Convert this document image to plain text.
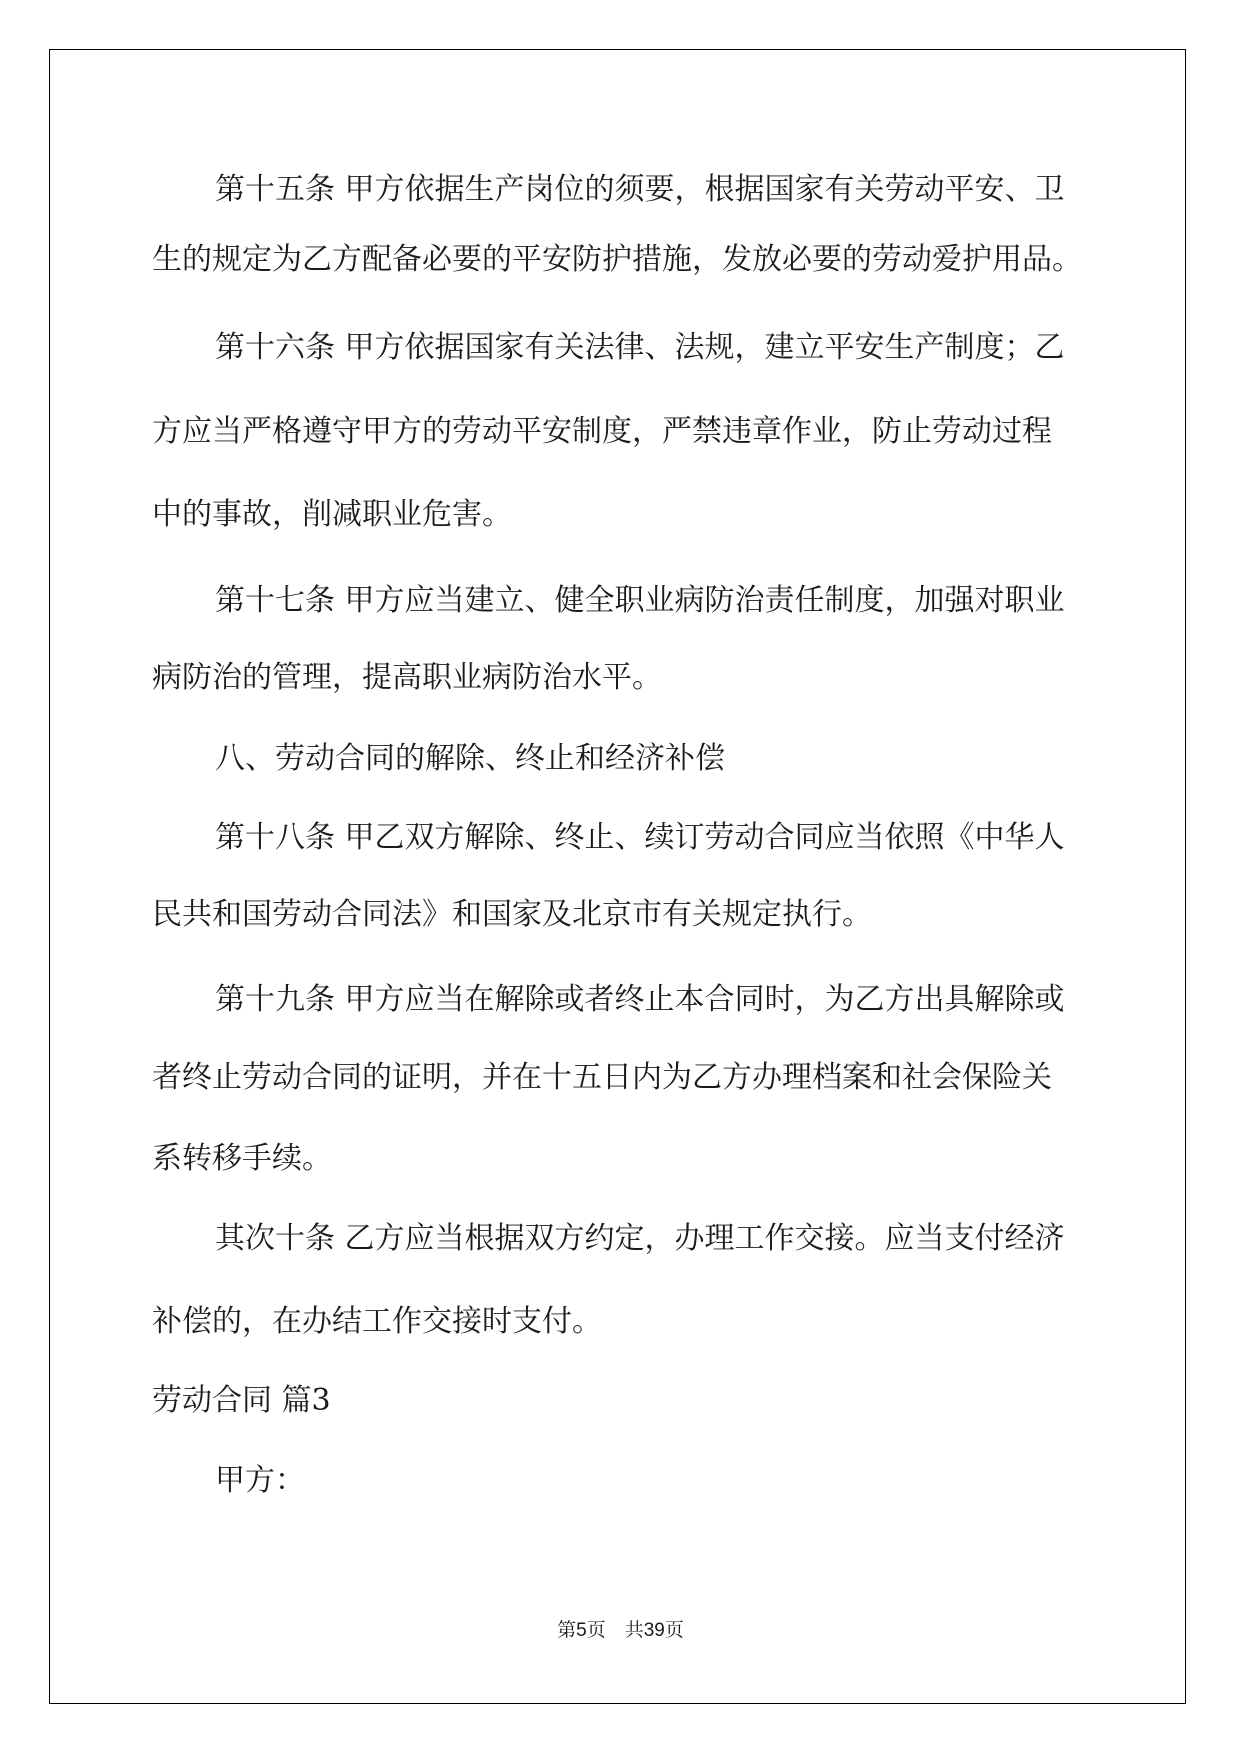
第十五条 甲方依据生产岗位的须要，根据国家有关劳动平安、卫
生的规定为乙方配备必要的平安防护措施，发放必要的劳动爱护用品。
第十六条 甲方依据国家有关法律、法规，建立平安生产制度；乙
方应当严格遵守甲方的劳动平安制度，严禁违章作业，防止劳动过程
中的事故，削减职业危害。
第十七条 甲方应当建立、健全职业病防治责任制度，加强对职业
病防治的管理，提高职业病防治水平。
八、劳动合同的解除、终止和经济补偿
第十八条 甲乙双方解除、终止、续订劳动合同应当依照《中华人
民共和国劳动合同法》和国家及北京市有关规定执行。
第十九条 甲方应当在解除或者终止本合同时，为乙方出具解除或
者终止劳动合同的证明，并在十五日内为乙方办理档案和社会保险关
系转移手续。
其次十条 乙方应当根据双方约定，办理工作交接。应当支付经济
补偿的，在办结工作交接时支付。
劳动合同 篇3
甲方：
第5页　共39页
